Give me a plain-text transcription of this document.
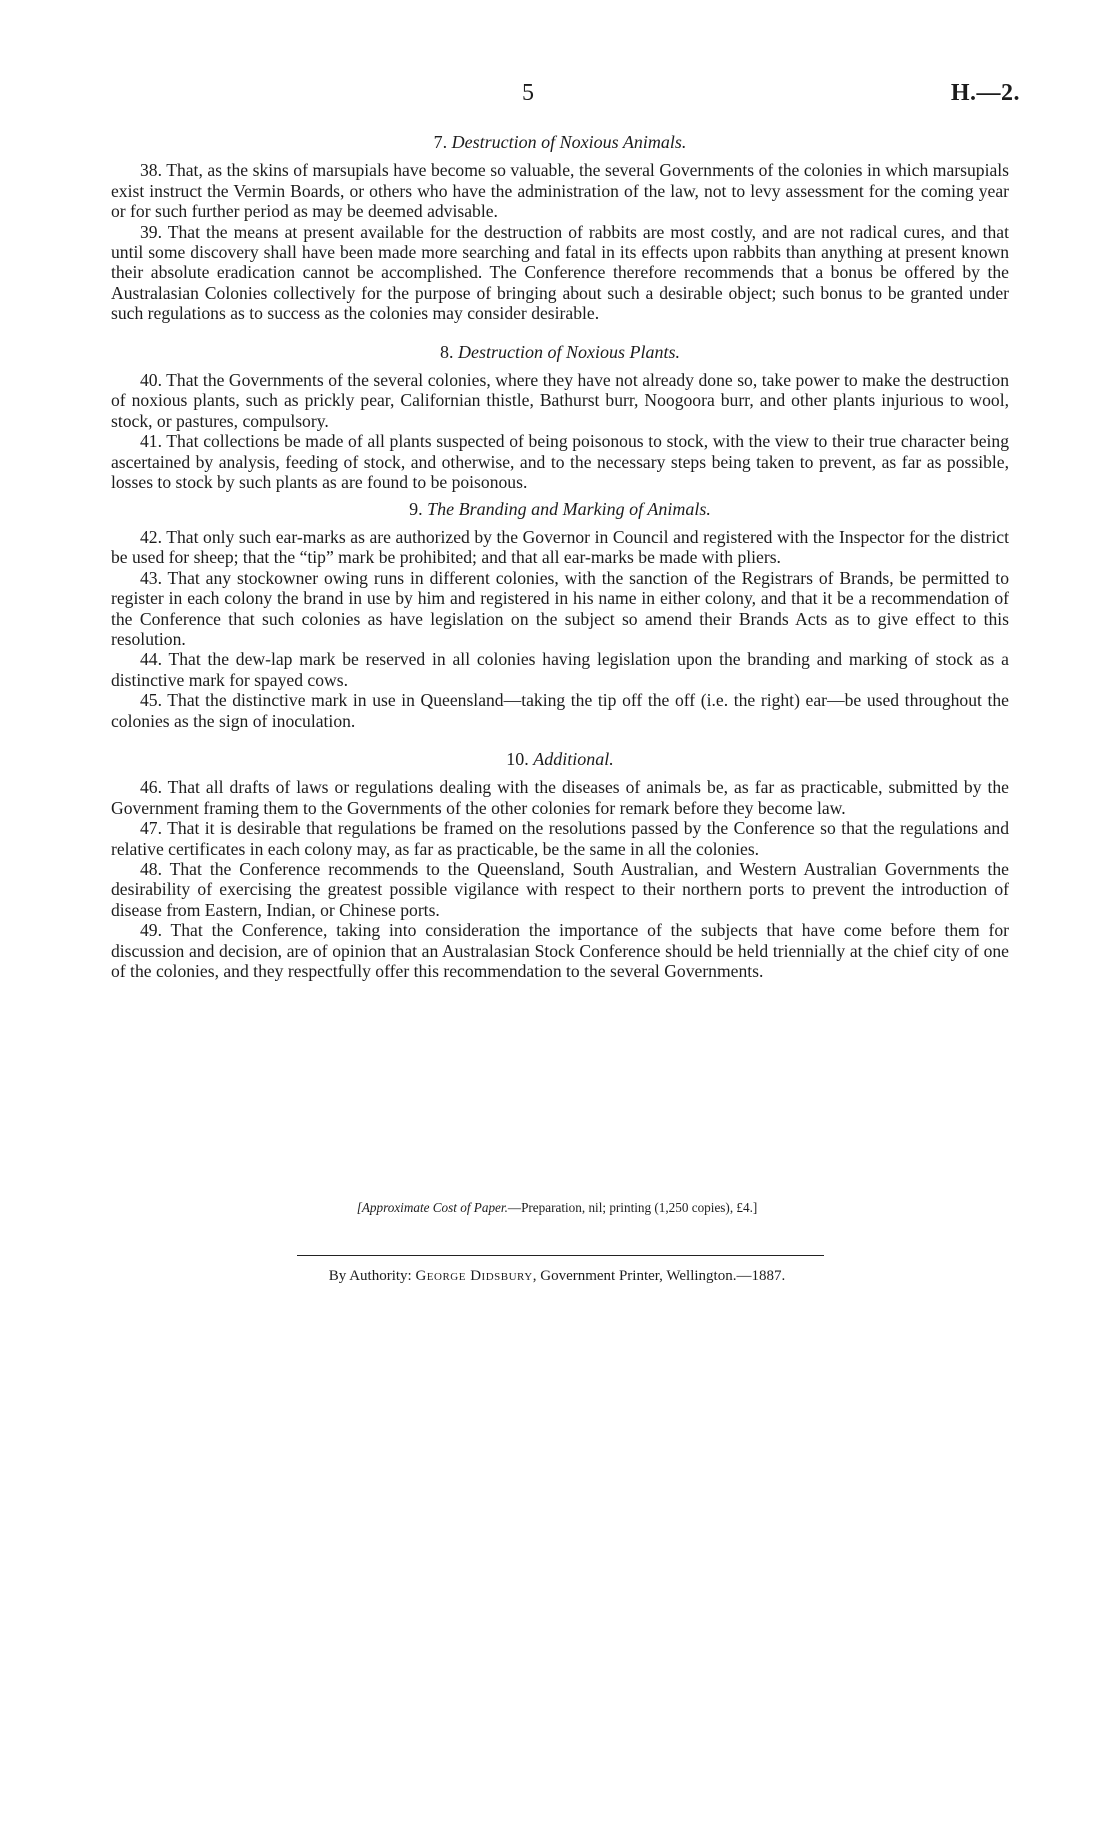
5	H.—2.
7. Destruction of Noxious Animals.

38. That, as the skins of marsupials have become so valuable, the several Governments of the colonies in which marsupials exist instruct the Vermin Boards, or others who have the administration of the law, not to levy assessment for the coming year or for such further period as may be deemed advisable.

39. That the means at present available for the destruction of rabbits are most costly, and are not radical cures, and that until some discovery shall have been made more searching and fatal in its effects upon rabbits than anything at present known their absolute eradication cannot be accomplished. The Conference therefore recommends that a bonus be offered by the Australasian Colonies collectively for the purpose of bringing about such a desirable object; such bonus to be granted under such regulations as to success as the colonies may consider desirable.

8. Destruction of Noxious Plants.

40. That the Governments of the several colonies, where they have not already done so, take power to make the destruction of noxious plants, such as prickly pear, Californian thistle, Bathurst burr, Noogoora burr, and other plants injurious to wool, stock, or pastures, compulsory.

41. That collections be made of all plants suspected of being poisonous to stock, with the view to their true character being ascertained by analysis, feeding of stock, and otherwise, and to the necessary steps being taken to prevent, as far as possible, losses to stock by such plants as are found to be poisonous.

9. The Branding and Marking of Animals.

42. That only such ear-marks as are authorized by the Governor in Council and registered with the Inspector for the district be used for sheep; that the “tip” mark be prohibited; and that all ear-marks be made with pliers.

43. That any stockowner owing runs in different colonies, with the sanction of the Registrars of Brands, be permitted to register in each colony the brand in use by him and registered in his name in either colony, and that it be a recommendation of the Conference that such colonies as have legislation on the subject so amend their Brands Acts as to give effect to this resolution.

44. That the dew-lap mark be reserved in all colonies having legislation upon the branding and marking of stock as a distinctive mark for spayed cows.

45. That the distinctive mark in use in Queensland—taking the tip off the off (i.e. the right) ear—be used throughout the colonies as the sign of inoculation.

10. Additional.

46. That all drafts of laws or regulations dealing with the diseases of animals be, as far as practicable, submitted by the Government framing them to the Governments of the other colonies for remark before they become law.

47. That it is desirable that regulations be framed on the resolutions passed by the Conference so that the regulations and relative certificates in each colony may, as far as practicable, be the same in all the colonies.

48. That the Conference recommends to the Queensland, South Australian, and Western Australian Governments the desirability of exercising the greatest possible vigilance with respect to their northern ports to prevent the introduction of disease from Eastern, Indian, or Chinese ports.

49. That the Conference, taking into consideration the importance of the subjects that have come before them for discussion and decision, are of opinion that an Australasian Stock Conference should be held triennially at the chief city of one of the colonies, and they respectfully offer this recommendation to the several Governments.

[Approximate Cost of Paper.—Preparation, nil; printing (1,250 copies), £4.]
By Authority: George Didsbury, Government Printer, Wellington.—1887.
